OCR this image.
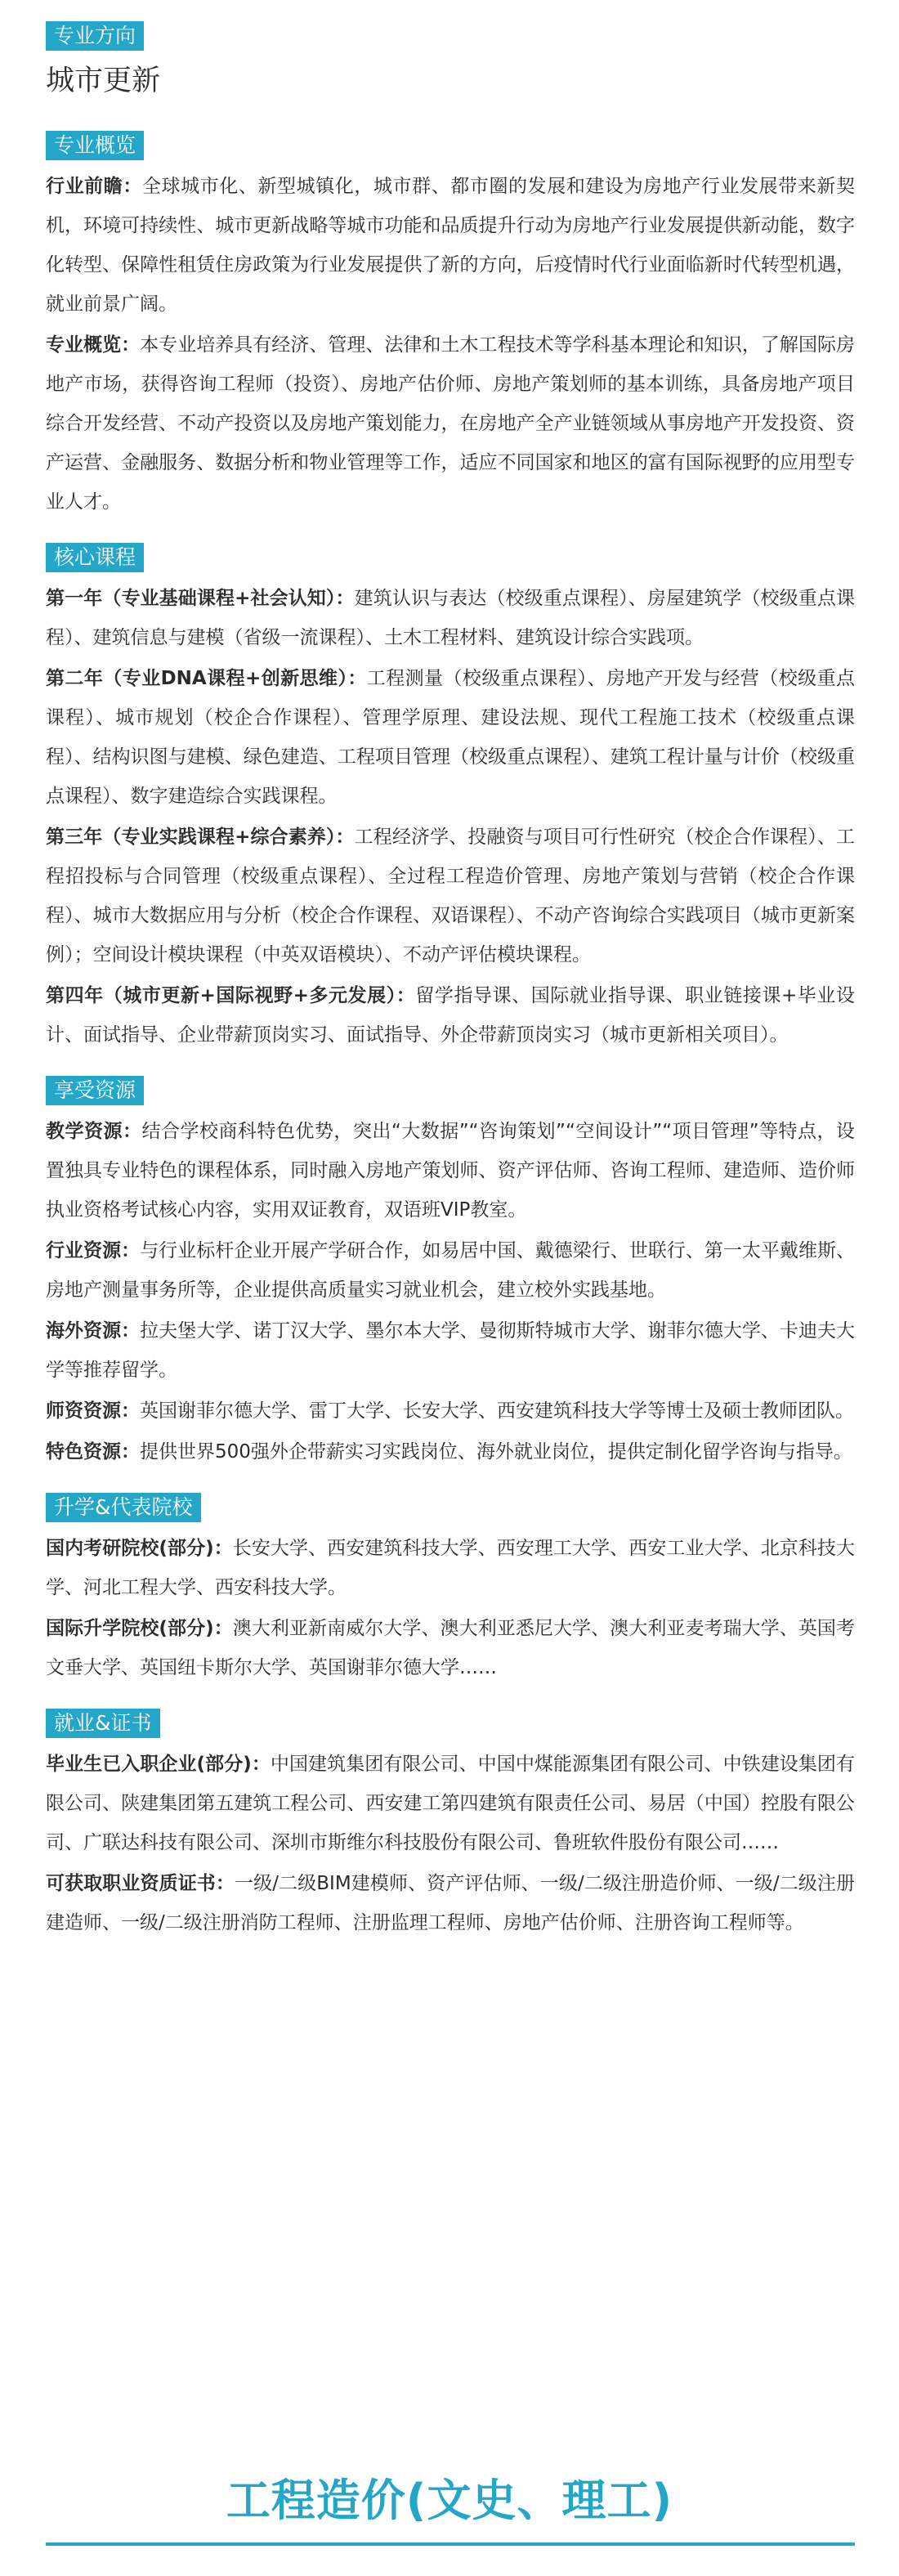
专业方向
城市更新
专业概览

行业前瞻：全球城市化、新型城镇化，城市群、都市圈的发展和建设为房地产行业发展带来新契机，环境可持续性、城市更新战略等城市功能和品质提升行动为房地产行业发展提供新动能，数字化转型、保障性租赁住房政策为行业发展提供了新的方向，后疫情时代行业面临新时代转型机遇，就业前景广阔。

专业概览：本专业培养具有经济、管理、法律和土木工程技术等学科基本理论和知识，了解国际房地产市场，获得咨询工程师（投资）、房地产估价师、房地产策划师的基本训练，具备房地产项目综合开发经营、不动产投资以及房地产策划能力，在房地产全产业链领域从事房地产开发投资、资产运营、金融服务、数据分析和物业管理等工作，适应不同国家和地区的富有国际视野的应用型专业人才。

核心课程

第一年（专业基础课程+社会认知）：建筑认识与表达（校级重点课程）、房屋建筑学（校级重点课程）、建筑信息与建模（省级一流课程）、土木工程材料、建筑设计综合实践项。

第二年（专业DNA课程+创新思维）：工程测量（校级重点课程）、房地产开发与经营（校级重点课程）、城市规划（校企合作课程）、管理学原理、建设法规、现代工程施工技术（校级重点课程）、结构识图与建模、绿色建造、工程项目管理（校级重点课程）、建筑工程计量与计价（校级重点课程）、数字建造综合实践课程。

第三年（专业实践课程+综合素养）：工程经济学、投融资与项目可行性研究（校企合作课程）、工程招投标与合同管理（校级重点课程）、全过程工程造价管理、房地产策划与营销（校企合作课程）、城市大数据应用与分析（校企合作课程、双语课程）、不动产咨询综合实践项目（城市更新案例）；空间设计模块课程（中英双语模块）、不动产评估模块课程。

第四年（城市更新+国际视野+多元发展）：留学指导课、国际就业指导课、职业链接课+毕业设计、面试指导、企业带薪顶岗实习、面试指导、外企带薪顶岗实习（城市更新相关项目）。

享受资源

教学资源：结合学校商科特色优势，突出“大数据”“咨询策划”“空间设计”“项目管理”等特点，设置独具专业特色的课程体系，同时融入房地产策划师、资产评估师、咨询工程师、建造师、造价师执业资格考试核心内容，实用双证教育，双语班VIP教室。

行业资源：与行业标杆企业开展产学研合作，如易居中国、戴德梁行、世联行、第一太平戴维斯、房地产测量事务所等，企业提供高质量实习就业机会，建立校外实践基地。

海外资源：拉夫堡大学、诺丁汉大学、墨尔本大学、曼彻斯特城市大学、谢菲尔德大学、卡迪夫大学等推荐留学。

师资资源：英国谢菲尔德大学、雷丁大学、长安大学、西安建筑科技大学等博士及硕士教师团队。

特色资源：提供世界500强外企带薪实习实践岗位、海外就业岗位，提供定制化留学咨询与指导。

升学&代表院校

国内考研院校(部分)：长安大学、西安建筑科技大学、西安理工大学、西安工业大学、北京科技大学、河北工程大学、西安科技大学。

国际升学院校(部分)：澳大利亚新南威尔大学、澳大利亚悉尼大学、澳大利亚麦考瑞大学、英国考文垂大学、英国纽卡斯尔大学、英国谢菲尔德大学……

就业&证书

毕业生已入职企业(部分)：中国建筑集团有限公司、中国中煤能源集团有限公司、中铁建设集团有限公司、陕建集团第五建筑工程公司、西安建工第四建筑有限责任公司、易居（中国）控股有限公司、广联达科技有限公司、深圳市斯维尔科技股份有限公司、鲁班软件股份有限公司……

可获取职业资质证书：一级/二级BIM建模师、资产评估师、一级/二级注册造价师、一级/二级注册建造师、一级/二级注册消防工程师、注册监理工程师、房地产估价师、注册咨询工程师等。

工程造价(文史、理工)
